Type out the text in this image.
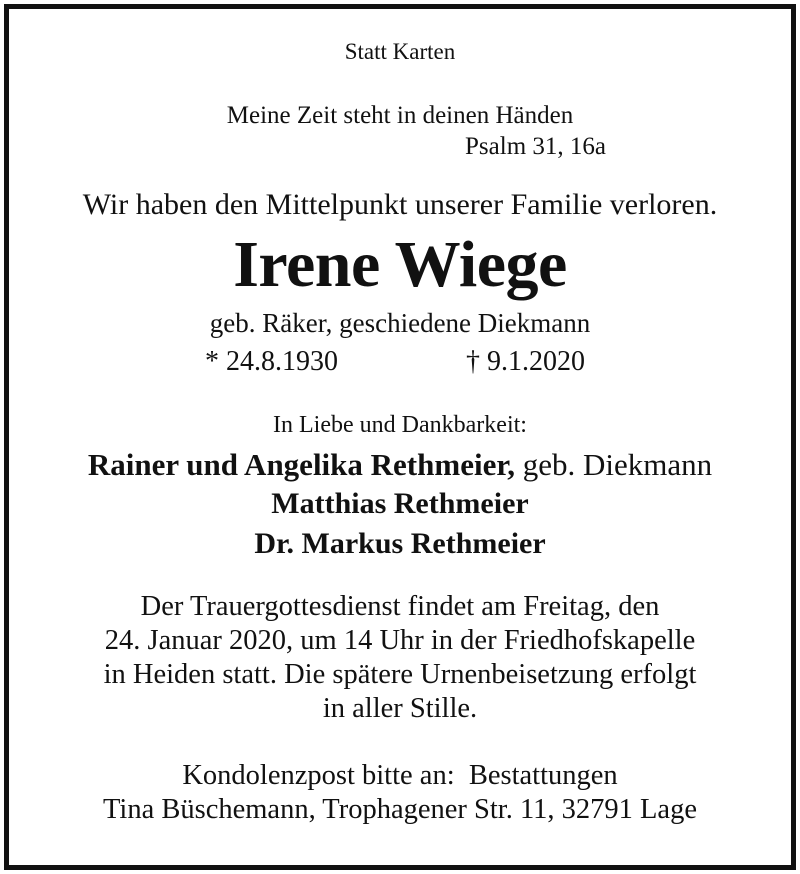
Statt Karten
Meine Zeit steht in deinen Händen
Psalm 31, 16a
Wir haben den Mittelpunkt unserer Familie verloren.
Irene Wiege
geb. Räker, geschiedene Diekmann
* 24.8.1930	† 9.1.2020
In Liebe und Dankbarkeit:
Rainer und Angelika Rethmeier, geb. Diekmann
Matthias Rethmeier
Dr. Markus Rethmeier
Der Trauergottesdienst findet am Freitag, den
24. Januar 2020, um 14 Uhr in der Friedhofskapelle
in Heiden statt. Die spätere Urnenbeisetzung erfolgt
in aller Stille.
Kondolenzpost bitte an:  Bestattungen
Tina Büschemann, Trophagener Str. 11, 32791 Lage
